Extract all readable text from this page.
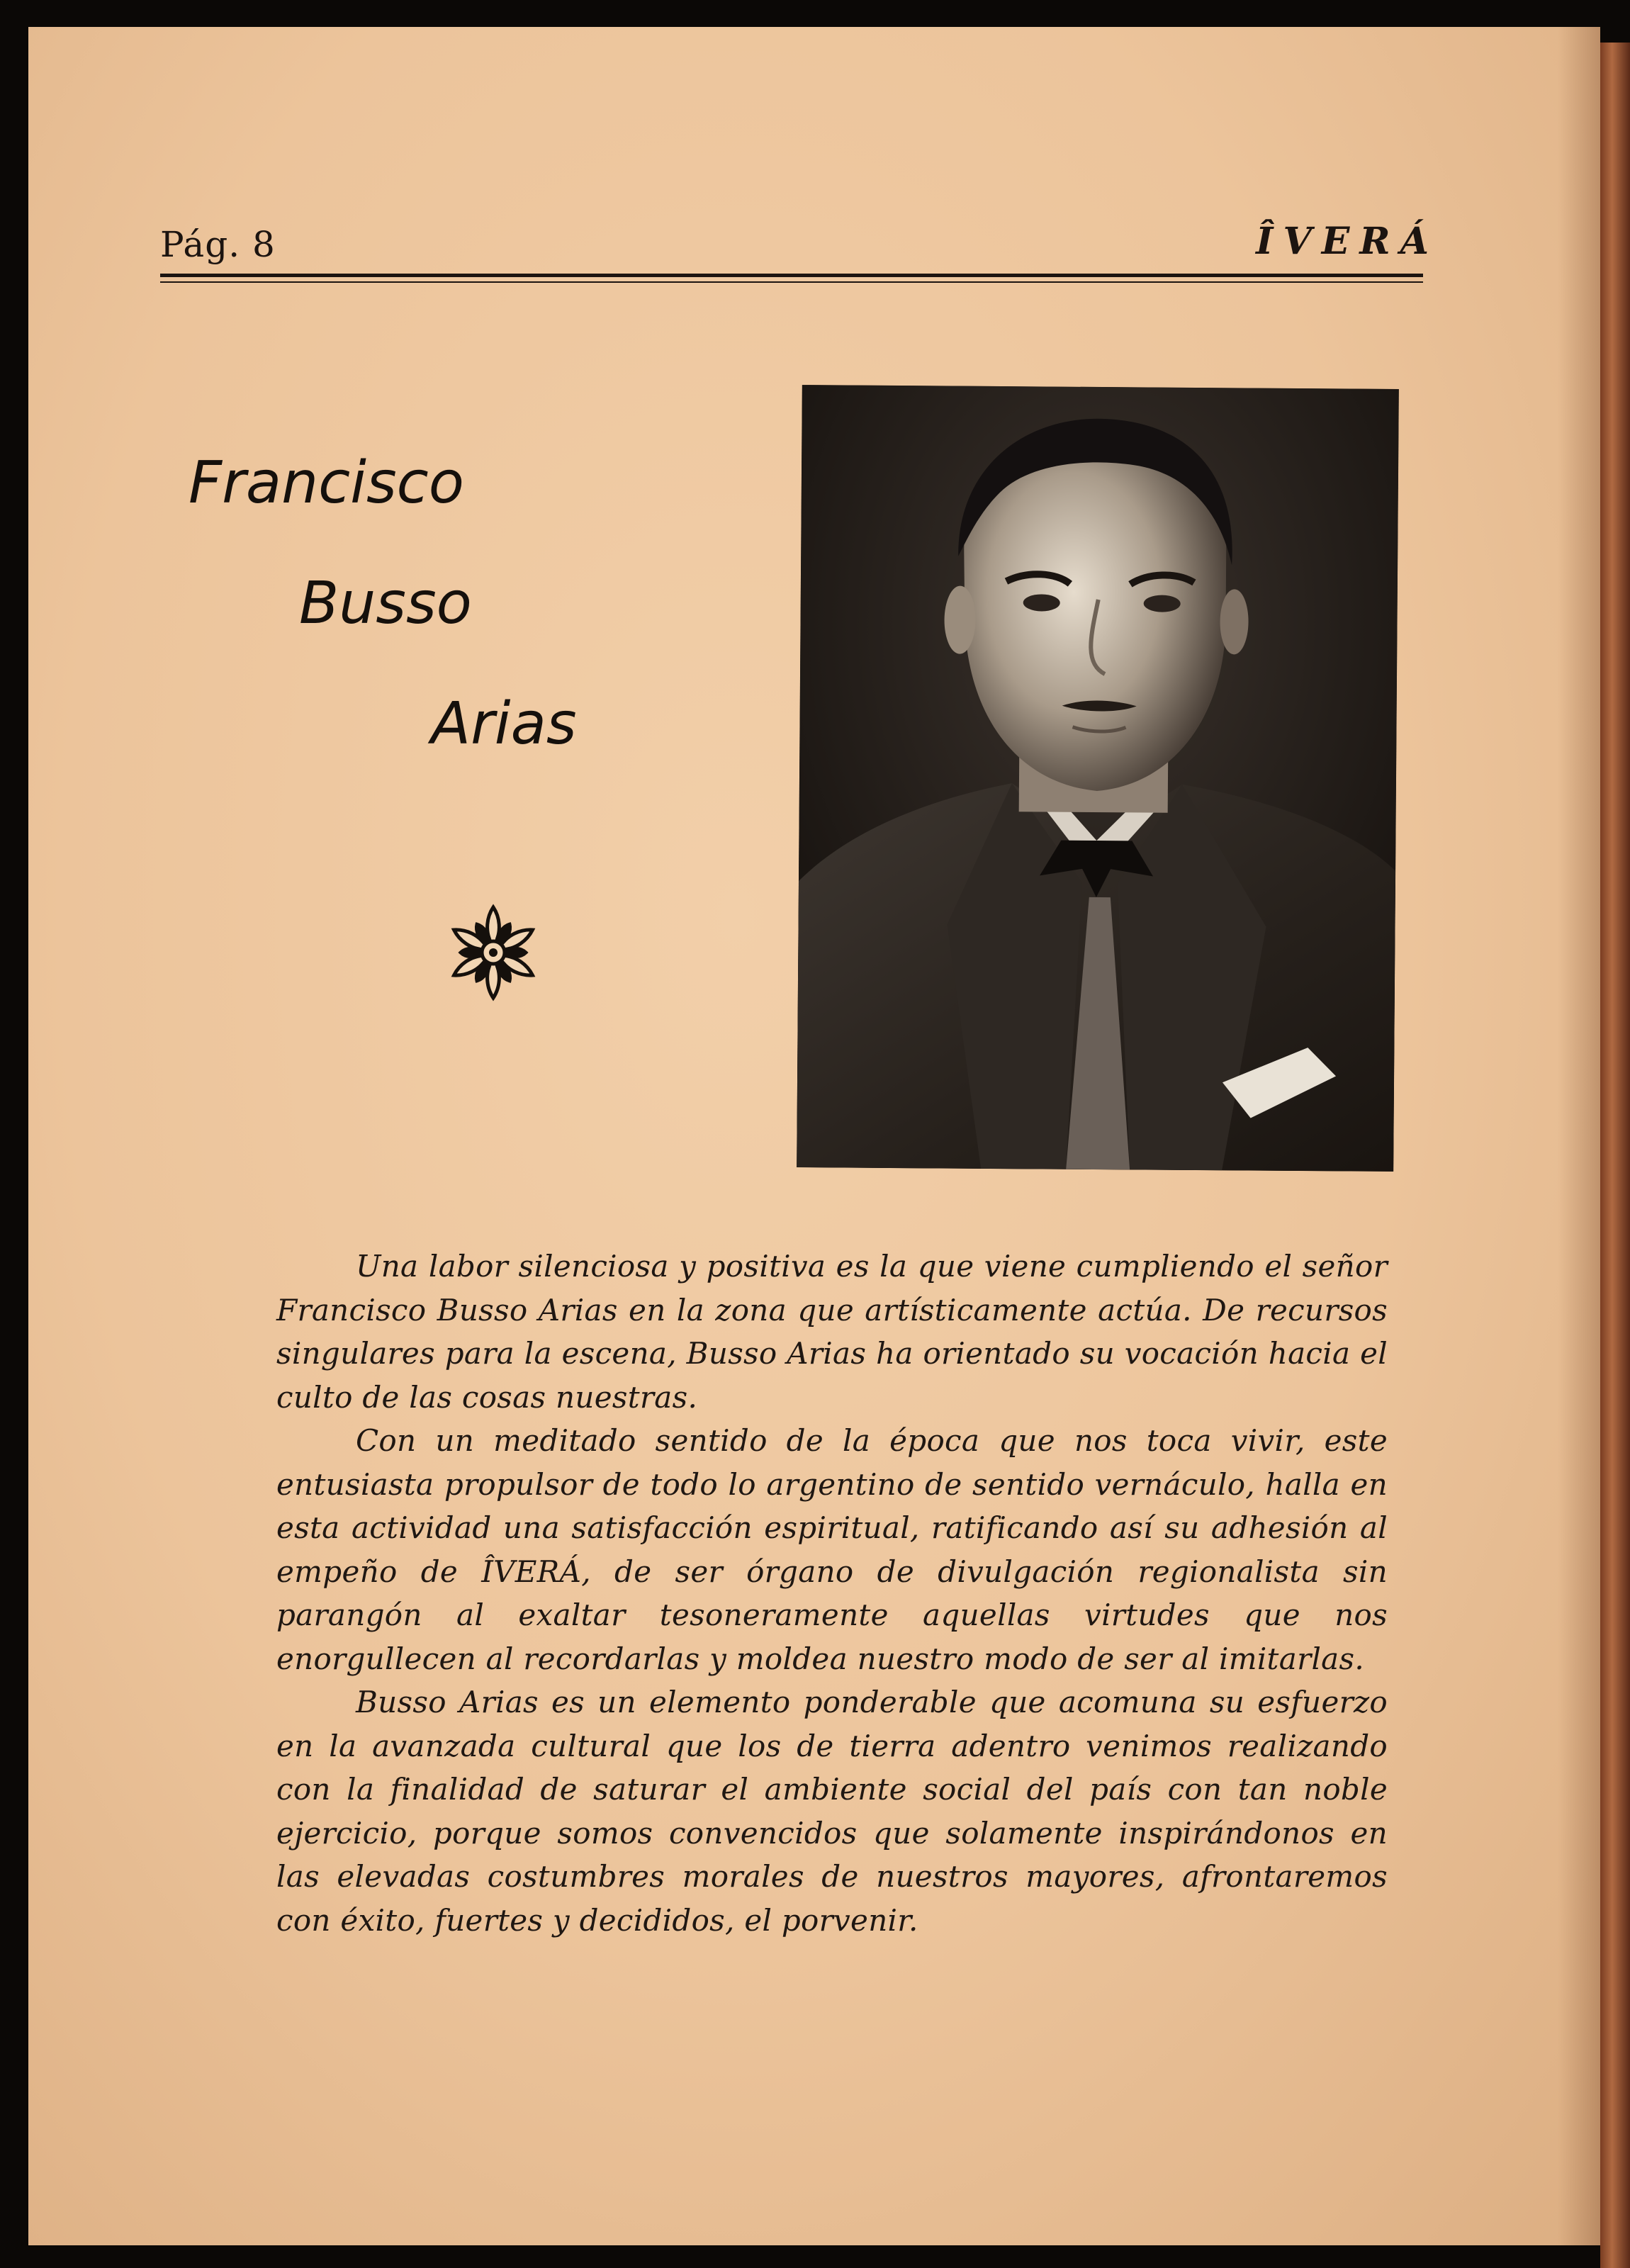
Pág. 8	ÎVERÁ
Francisco
Busso
Arias

Una labor silenciosa y positiva es la que viene cumpliendo el señor Francisco Busso Arias en la zona que artísticamente actúa. De recursos singulares para la escena, Busso Arias ha orientado su vocación hacia el culto de las cosas nuestras.

Con un meditado sentido de la época que nos toca vivir, este entusiasta propulsor de todo lo argentino de sentido vernáculo, halla en esta actividad una satisfacción espiritual, ratificando así su adhesión al empeño de ÎVERÁ, de ser órgano de divulgación regionalista sin parangón al exaltar tesoneramente aquellas virtudes que nos enorgullecen al recordarlas y moldea nuestro modo de ser al imitarlas.

Busso Arias es un elemento ponderable que acomuna su esfuerzo en la avanzada cultural que los de tierra adentro venimos realizando con la finalidad de saturar el ambiente social del país con tan noble ejercicio, porque somos convencidos que solamente inspirándonos en las elevadas costumbres morales de nuestros mayores, afrontaremos con éxito, fuertes y decididos, el porvenir.
